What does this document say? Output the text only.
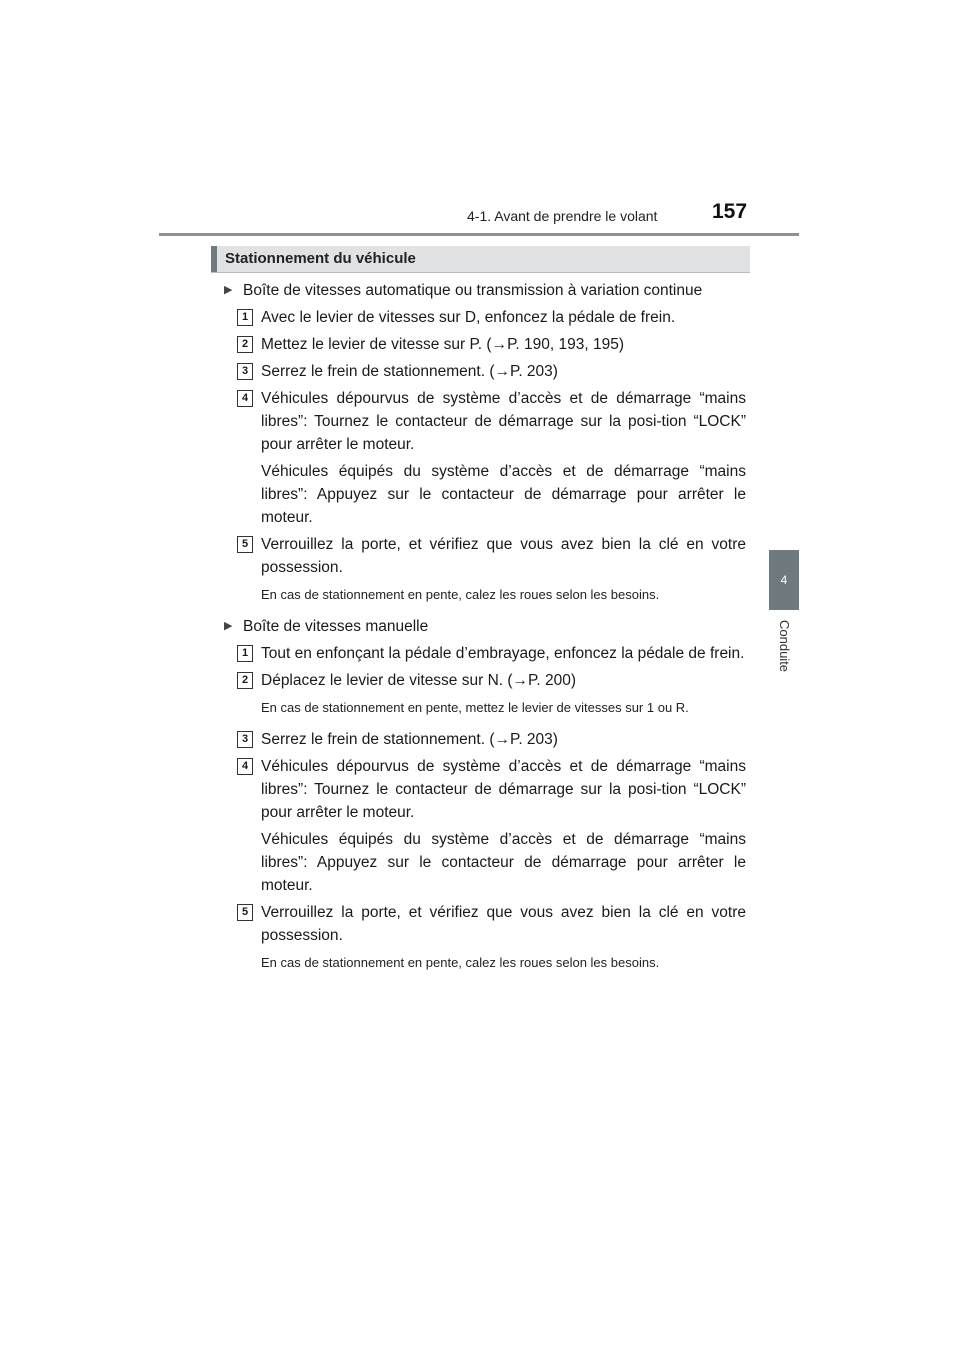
4-1. Avant de prendre le volant	157
4
Conduite
Stationnement du véhicule
▶ Boîte de vitesses automatique ou transmission à variation continue
1 Avec le levier de vitesses sur D, enfoncez la pédale de frein.
2 Mettez le levier de vitesse sur P. (→P. 190, 193, 195)
3 Serrez le frein de stationnement. (→P. 203)
4 Véhicules dépourvus de système d’accès et de démarrage “mains libres”: Tournez le contacteur de démarrage sur la posi-tion “LOCK” pour arrêter le moteur.
Véhicules équipés du système d’accès et de démarrage “mains libres”: Appuyez sur le contacteur de démarrage pour arrêter le moteur.
5 Verrouillez la porte, et vérifiez que vous avez bien la clé en votre possession.
En cas de stationnement en pente, calez les roues selon les besoins.
▶ Boîte de vitesses manuelle
1 Tout en enfonçant la pédale d’embrayage, enfoncez la pédale de frein.
2 Déplacez le levier de vitesse sur N. (→P. 200)
En cas de stationnement en pente, mettez le levier de vitesses sur 1 ou R.
3 Serrez le frein de stationnement. (→P. 203)
4 Véhicules dépourvus de système d’accès et de démarrage “mains libres”: Tournez le contacteur de démarrage sur la posi-tion “LOCK” pour arrêter le moteur.
Véhicules équipés du système d’accès et de démarrage “mains libres”: Appuyez sur le contacteur de démarrage pour arrêter le moteur.
5 Verrouillez la porte, et vérifiez que vous avez bien la clé en votre possession.
En cas de stationnement en pente, calez les roues selon les besoins.
